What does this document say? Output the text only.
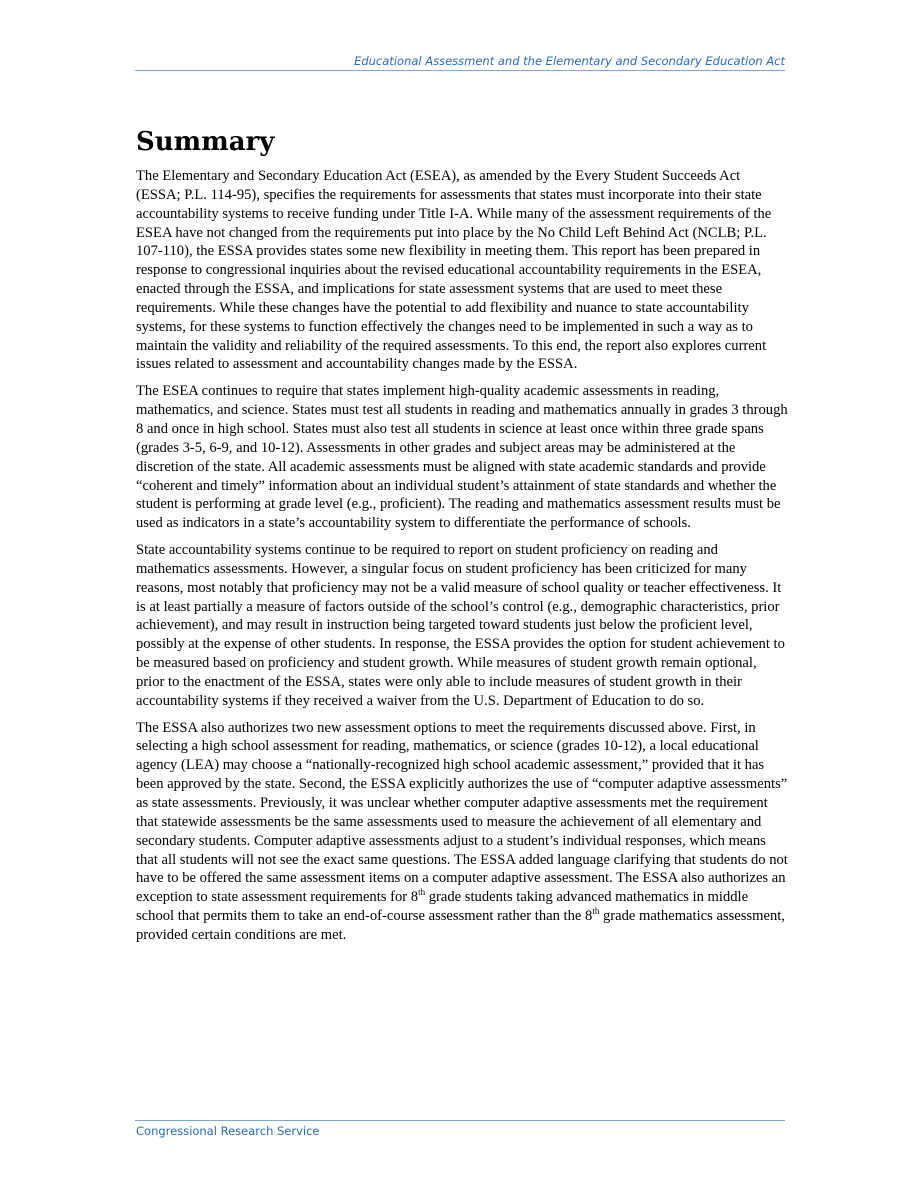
Educational Assessment and the Elementary and Secondary Education Act
Summary

The Elementary and Secondary Education Act (ESEA), as amended by the Every Student Succeeds Act (ESSA; P.L. 114-95), specifies the requirements for assessments that states must incorporate into their state accountability systems to receive funding under Title I-A. While many of the assessment requirements of the ESEA have not changed from the requirements put into place by the No Child Left Behind Act (NCLB; P.L. 107-110), the ESSA provides states some new flexibility in meeting them. This report has been prepared in response to congressional inquiries about the revised educational accountability requirements in the ESEA, enacted through the ESSA, and implications for state assessment systems that are used to meet these requirements. While these changes have the potential to add flexibility and nuance to state accountability systems, for these systems to function effectively the changes need to be implemented in such a way as to maintain the validity and reliability of the required assessments. To this end, the report also explores current issues related to assessment and accountability changes made by the ESSA.

The ESEA continues to require that states implement high-quality academic assessments in reading, mathematics, and science. States must test all students in reading and mathematics annually in grades 3 through 8 and once in high school. States must also test all students in science at least once within three grade spans (grades 3-5, 6-9, and 10-12). Assessments in other grades and subject areas may be administered at the discretion of the state. All academic assessments must be aligned with state academic standards and provide “coherent and timely” information about an individual student’s attainment of state standards and whether the student is performing at grade level (e.g., proficient). The reading and mathematics assessment results must be used as indicators in a state’s accountability system to differentiate the performance of schools.

State accountability systems continue to be required to report on student proficiency on reading and mathematics assessments. However, a singular focus on student proficiency has been criticized for many reasons, most notably that proficiency may not be a valid measure of school quality or teacher effectiveness. It is at least partially a measure of factors outside of the school’s control (e.g., demographic characteristics, prior achievement), and may result in instruction being targeted toward students just below the proficient level, possibly at the expense of other students. In response, the ESSA provides the option for student achievement to be measured based on proficiency and student growth. While measures of student growth remain optional, prior to the enactment of the ESSA, states were only able to include measures of student growth in their accountability systems if they received a waiver from the U.S. Department of Education to do so.

The ESSA also authorizes two new assessment options to meet the requirements discussed above. First, in selecting a high school assessment for reading, mathematics, or science (grades 10-12), a local educational agency (LEA) may choose a “nationally-recognized high school academic assessment,” provided that it has been approved by the state. Second, the ESSA explicitly authorizes the use of “computer adaptive assessments” as state assessments. Previously, it was unclear whether computer adaptive assessments met the requirement that statewide assessments be the same assessments used to measure the achievement of all elementary and secondary students. Computer adaptive assessments adjust to a student’s individual responses, which means that all students will not see the exact same questions. The ESSA added language clarifying that students do not have to be offered the same assessment items on a computer adaptive assessment. The ESSA also authorizes an exception to state assessment requirements for 8th grade students taking advanced mathematics in middle school that permits them to take an end-of-course assessment rather than the 8th grade mathematics assessment, provided certain conditions are met.

Congressional Research Service
